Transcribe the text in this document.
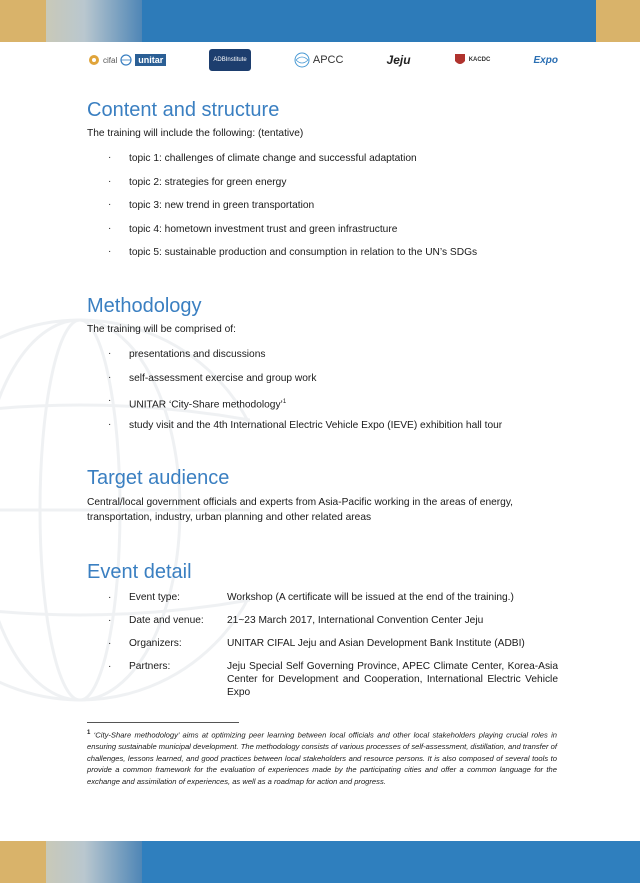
cifal	unitar	ADBInstitute	APCC	Jeju	KACDC	Expo
Content and structure
The training will include the following: (tentative)
· topic 1: challenges of climate change and successful adaptation
· topic 2: strategies for green energy
· topic 3: new trend in green transportation
· topic 4: hometown investment trust and green infrastructure
· topic 5: sustainable production and consumption in relation to the UN’s SDGs
Methodology
The training will be comprised of:
· presentations and discussions
· self-assessment exercise and group work
· UNITAR ‘City-Share methodology’$^1$
· study visit and the 4th International Electric Vehicle Expo (IEVE) exhibition hall tour
Target audience
Central/local government officials and experts from Asia-Pacific working in the areas of energy, transportation, industry, urban planning and other related areas
Event detail
·	Event type:	Workshop (A certificate will be issued at the end of the training.)
·	Date and venue:	21~23 March 2017, International Convention Center Jeju
·	Organizers:	UNITAR CIFAL Jeju and Asian Development Bank Institute (ADBI)
·	Partners:	Jeju Special Self Governing Province, APEC Climate Center, Korea-Asia Center for Development and Cooperation, International Electric Vehicle Expo
$^1$ ‘City-Share methodology’ aims at optimizing peer learning between local officials and other local stakeholders playing crucial roles in ensuring sustainable municipal development. The methodology consists of various processes of self-assessment, distillation, and transfer of challenges, lessons learned, and good practices between local stakeholders and resource persons. It is also composed of several tools to provide a common framework for the evaluation of experiences made by the participating cities and offer a common language for the exchange and assimilation of experiences, as well as a roadmap for action and progress.
